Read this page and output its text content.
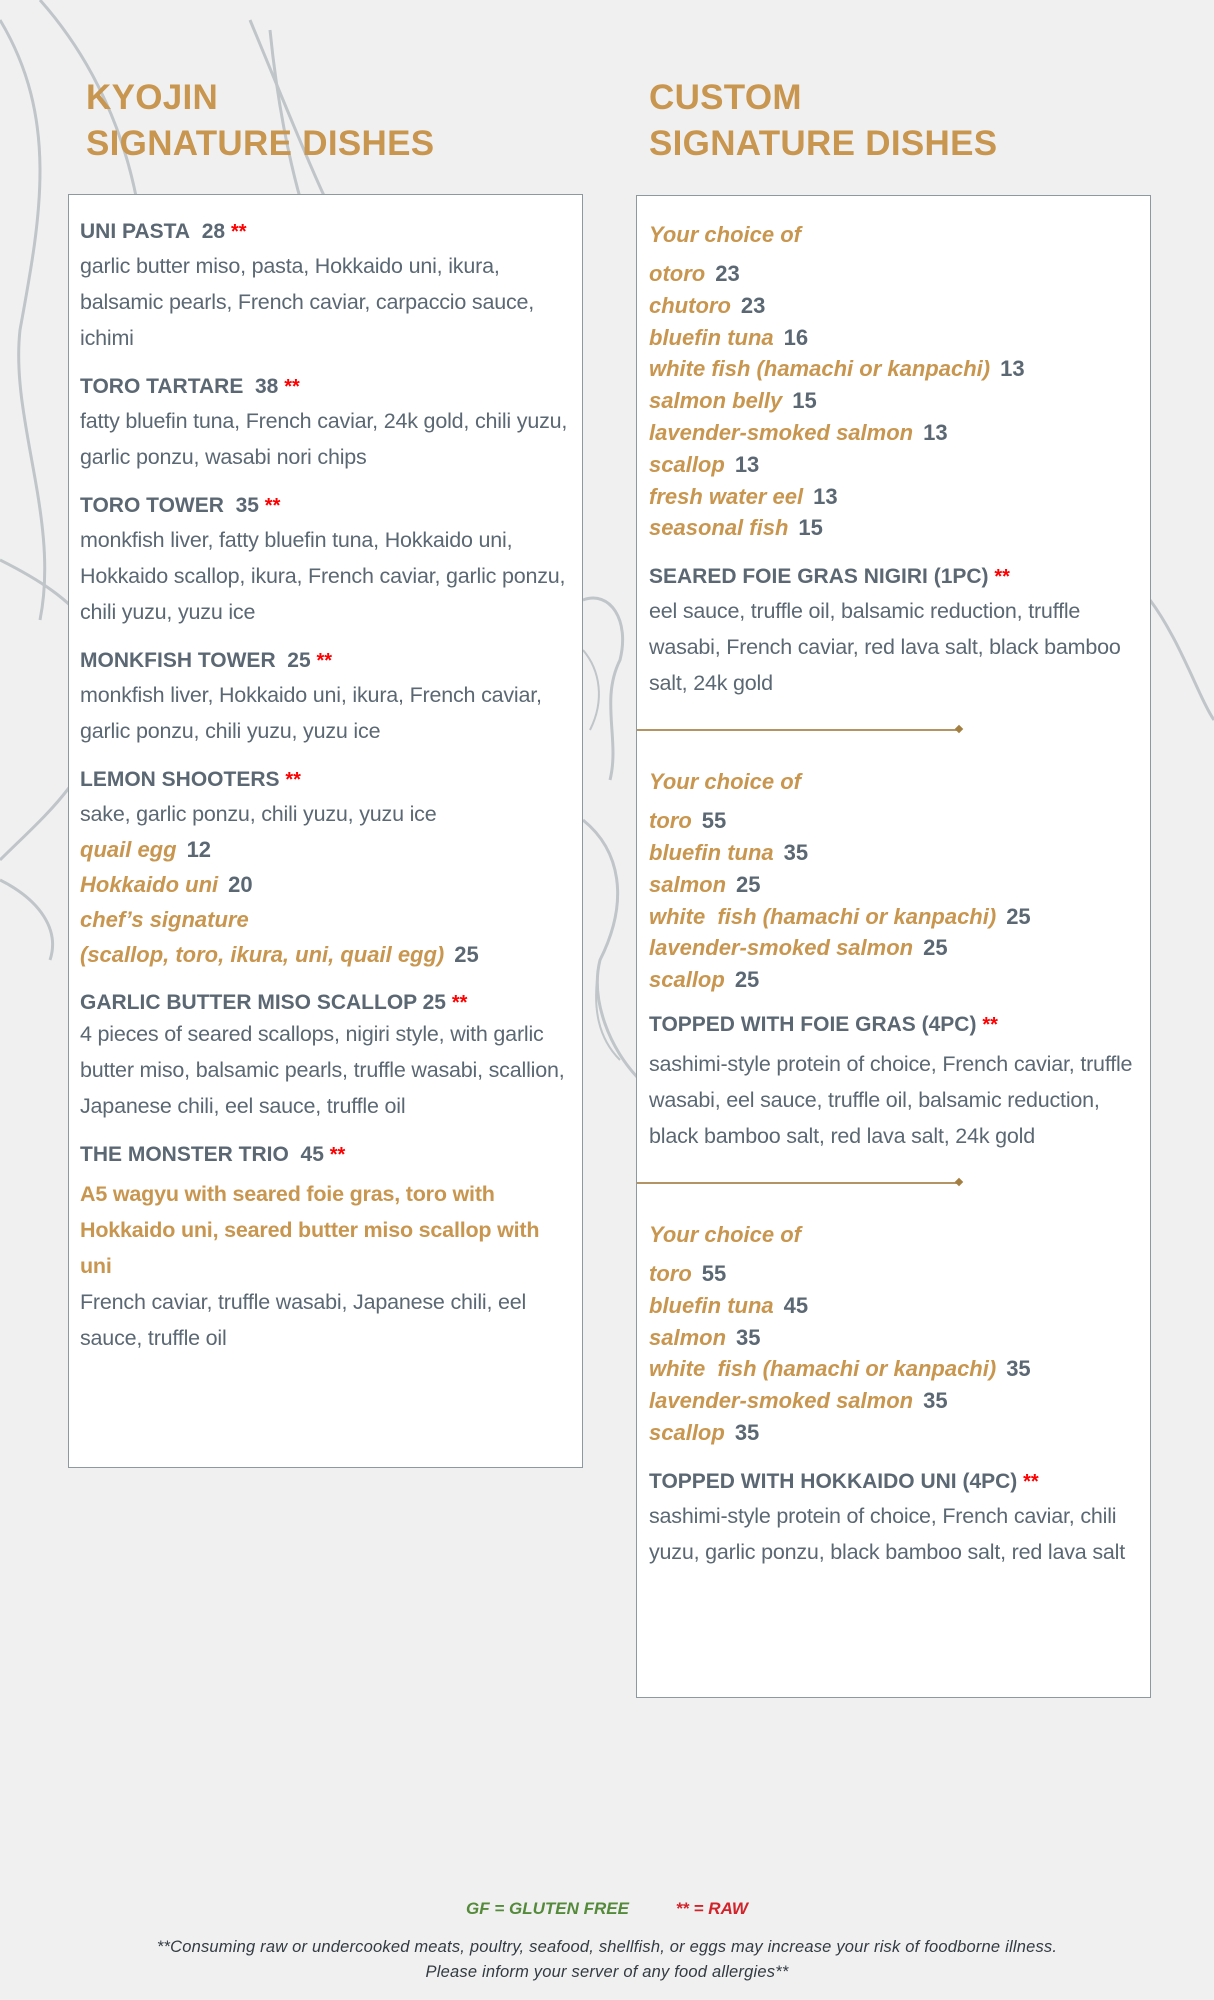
KYOJIN
SIGNATURE DISHES
CUSTOM
SIGNATURE DISHES
UNI PASTA 28 **
garlic butter miso, pasta, Hokkaido uni, ikura, balsamic pearls, French caviar, carpaccio sauce, ichimi
TORO TARTARE 38 **
fatty bluefin tuna, French caviar, 24k gold, chili yuzu, garlic ponzu, wasabi nori chips
TORO TOWER 35 **
monkfish liver, fatty bluefin tuna, Hokkaido uni, Hokkaido scallop, ikura, French caviar, garlic ponzu, chili yuzu, yuzu ice
MONKFISH TOWER 25 **
monkfish liver, Hokkaido uni, ikura, French caviar, garlic ponzu, chili yuzu, yuzu ice
LEMON SHOOTERS **
sake, garlic ponzu, chili yuzu, yuzu ice
quail egg 12
Hokkaido uni 20
chef’s signature
(scallop, toro, ikura, uni, quail egg) 25
GARLIC BUTTER MISO SCALLOP 25 **
4 pieces of seared scallops, nigiri style, with garlic butter miso, balsamic pearls, truffle wasabi, scallion, Japanese chili, eel sauce, truffle oil
THE MONSTER TRIO 45 **
A5 wagyu with seared foie gras, toro with Hokkaido uni, seared butter miso scallop with uni
French caviar, truffle wasabi, Japanese chili, eel sauce, truffle oil
Your choice of
otoro 23
chutoro 23
bluefin tuna 16
white fish (hamachi or kanpachi) 13
salmon belly 15
lavender-smoked salmon 13
scallop 13
fresh water eel 13
seasonal fish 15
SEARED FOIE GRAS NIGIRI (1PC) **
eel sauce, truffle oil, balsamic reduction, truffle wasabi, French caviar, red lava salt, black bamboo salt, 24k gold
Your choice of
toro 55
bluefin tuna 35
salmon 25
white  fish (hamachi or kanpachi) 25
lavender-smoked salmon 25
scallop 25
TOPPED WITH FOIE GRAS (4PC) **
sashimi-style protein of choice, French caviar, truffle wasabi, eel sauce, truffle oil, balsamic reduction, black bamboo salt, red lava salt, 24k gold
Your choice of
toro 55
bluefin tuna 45
salmon 35
white  fish (hamachi or kanpachi) 35
lavender-smoked salmon 35
scallop 35
TOPPED WITH HOKKAIDO UNI (4PC) **
sashimi-style protein of choice, French caviar, chili yuzu, garlic ponzu, black bamboo salt, red lava salt
GF = GLUTEN FREE	** = RAW
**Consuming raw or undercooked meats, poultry, seafood, shellfish, or eggs may increase your risk of foodborne illness.
Please inform your server of any food allergies**
